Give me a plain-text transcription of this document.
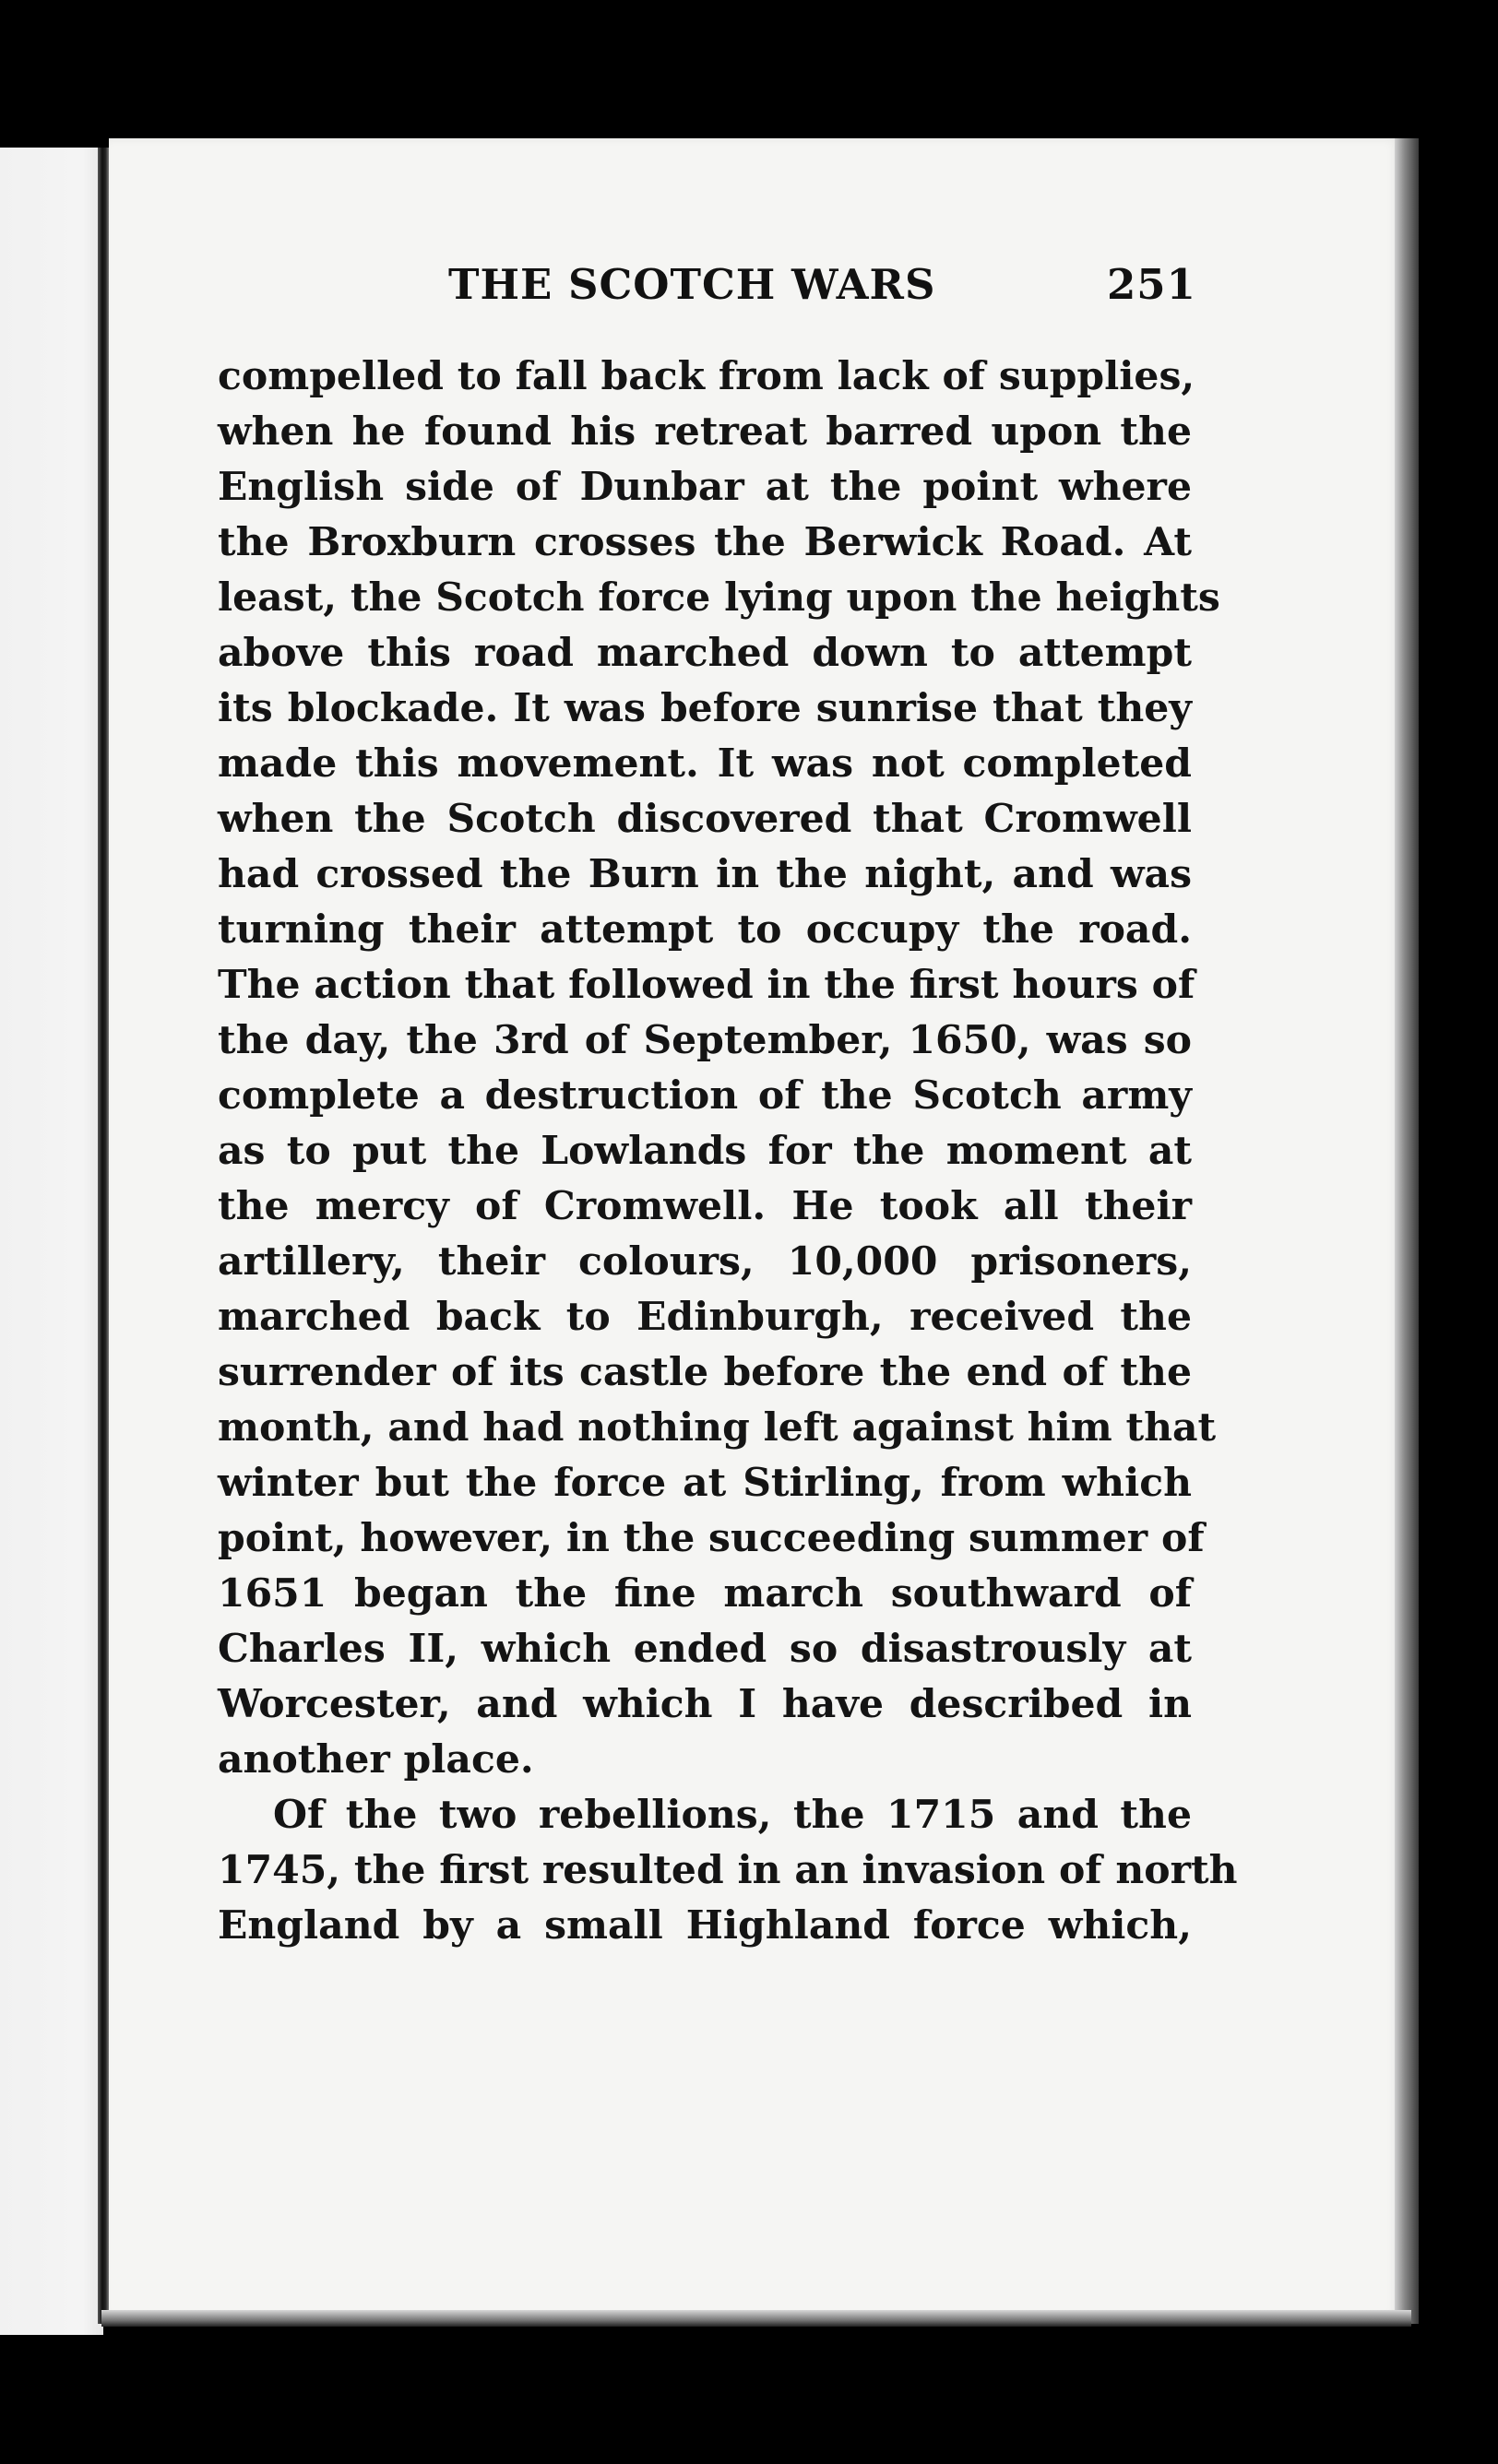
THE SCOTCH WARS	251
compelled to fall back from lack of supplies,
when he found his retreat barred upon the
English side of Dunbar at the point where
the Broxburn crosses the Berwick Road. At
least, the Scotch force lying upon the heights
above this road marched down to attempt
its blockade. It was before sunrise that they
made this movement. It was not completed
when the Scotch discovered that Cromwell
had crossed the Burn in the night, and was
turning their attempt to occupy the road.
The action that followed in the first hours of
the day, the 3rd of September, 1650, was so
complete a destruction of the Scotch army
as to put the Lowlands for the moment at
the mercy of Cromwell. He took all their
artillery, their colours, 10,000 prisoners,
marched back to Edinburgh, received the
surrender of its castle before the end of the
month, and had nothing left against him that
winter but the force at Stirling, from which
point, however, in the succeeding summer of
1651 began the fine march southward of
Charles II, which ended so disastrously at
Worcester, and which I have described in
another place.
Of the two rebellions, the 1715 and the
1745, the first resulted in an invasion of north
England by a small Highland force which,
